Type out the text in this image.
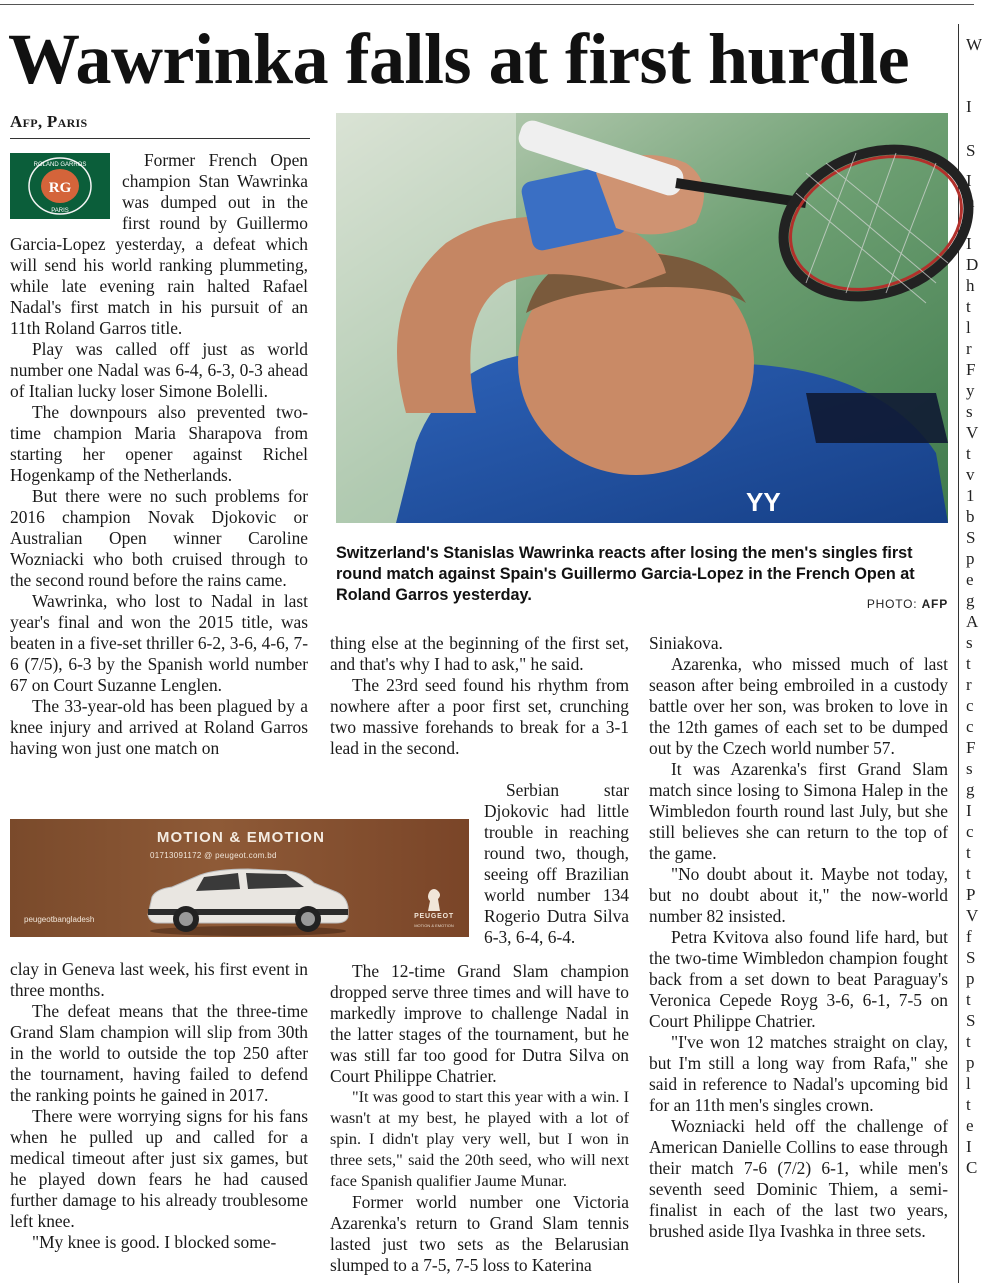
Wawrinka falls at first hurdle	W
I
S
I
h
t
I
D
h
t
l
r
F
y
s
V
t
v
1
b
S
p
e
g
A
s
t
r
c
c
F
s
g
I
c
t
t
P
V
f
S
p
t
S
t
p
l
t
e
I
C
Afp, Paris
RG
ROLAND GARROS
PARIS

Former French Open champion Stan Wawrinka was dumped out in the first round by Guillermo Garcia-Lopez yesterday, a defeat which will send his world ranking plummeting, while late evening rain halted Rafael Nadal's first match in his pursuit of an 11th Roland Garros title.

Play was called off just as world number one Nadal was 6-4, 6-3, 0-3 ahead of Italian lucky loser Simone Bolelli.

The downpours also prevented two-time champion Maria Sharapova from starting her opener against Richel Hogenkamp of the Netherlands.

But there were no such problems for 2016 champion Novak Djokovic or Australian Open winner Caroline Wozniacki who both cruised through to the second round before the rains came.

Wawrinka, who lost to Nadal in last year's final and won the 2015 title, was beaten in a five-set thriller 6-2, 3-6, 4-6, 7-6 (7/5), 6-3 by the Spanish world number 67 on Court Suzanne Lenglen.

The 33-year-old has been plagued by a knee injury and arrived at Roland Garros having won just one match on

MOTION & EMOTION
01713091172 @ peugeot.com.bd
peugeotbangladesh	PEUGEOT
MOTION & EMOTION

clay in Geneva last week, his first event in three months.

The defeat means that the three-time Grand Slam champion will slip from 30th in the world to outside the top 250 after the tournament, having failed to defend the ranking points he gained in 2017.

There were worrying signs for his fans when he pulled up and called for a medical timeout after just six games, but he played down fears he had caused further damage to his already troublesome left knee.

"My knee is good. I blocked some-

YY
Switzerland's Stanislas Wawrinka reacts after losing the men's singles first round match against Spain's Guillermo Garcia-Lopez in the French Open at Roland Garros yesterday.	PHOTO: AFP

thing else at the beginning of the first set, and that's why I had to ask," he said.

The 23rd seed found his rhythm from nowhere after a poor first set, crunching two massive forehands to break for a 3-1 lead in the second.

Serbian star Djokovic had little trouble in reaching round two, though, seeing off Brazilian world number 134 Rogerio Dutra Silva 6-3, 6-4, 6-4.

The 12-time Grand Slam champion dropped serve three times and will have to markedly improve to challenge Nadal in the latter stages of the tournament, but he was still far too good for Dutra Silva on Court Philippe Chatrier.

"It was good to start this year with a win. I wasn't at my best, he played with a lot of spin. I didn't play very well, but I won in three sets," said the 20th seed, who will next face Spanish qualifier Jaume Munar.

Former world number one Victoria Azarenka's return to Grand Slam tennis lasted just two sets as the Belarusian slumped to a 7-5, 7-5 loss to Katerina

Siniakova.

Azarenka, who missed much of last season after being embroiled in a custody battle over her son, was broken to love in the 12th games of each set to be dumped out by the Czech world number 57.

It was Azarenka's first Grand Slam match since losing to Simona Halep in the Wimbledon fourth round last July, but she still believes she can return to the top of the game.

"No doubt about it. Maybe not today, but no doubt about it," the now-world number 82 insisted.

Petra Kvitova also found life hard, but the two-time Wimbledon champion fought back from a set down to beat Paraguay's Veronica Cepede Royg 3-6, 6-1, 7-5 on Court Philippe Chatrier.

"I've won 12 matches straight on clay, but I'm still a long way from Rafa," she said in reference to Nadal's upcoming bid for an 11th men's singles crown.

Wozniacki held off the challenge of American Danielle Collins to ease through their match 7-6 (7/2) 6-1, while men's seventh seed Dominic Thiem, a semi-finalist in each of the last two years, brushed aside Ilya Ivashka in three sets.
